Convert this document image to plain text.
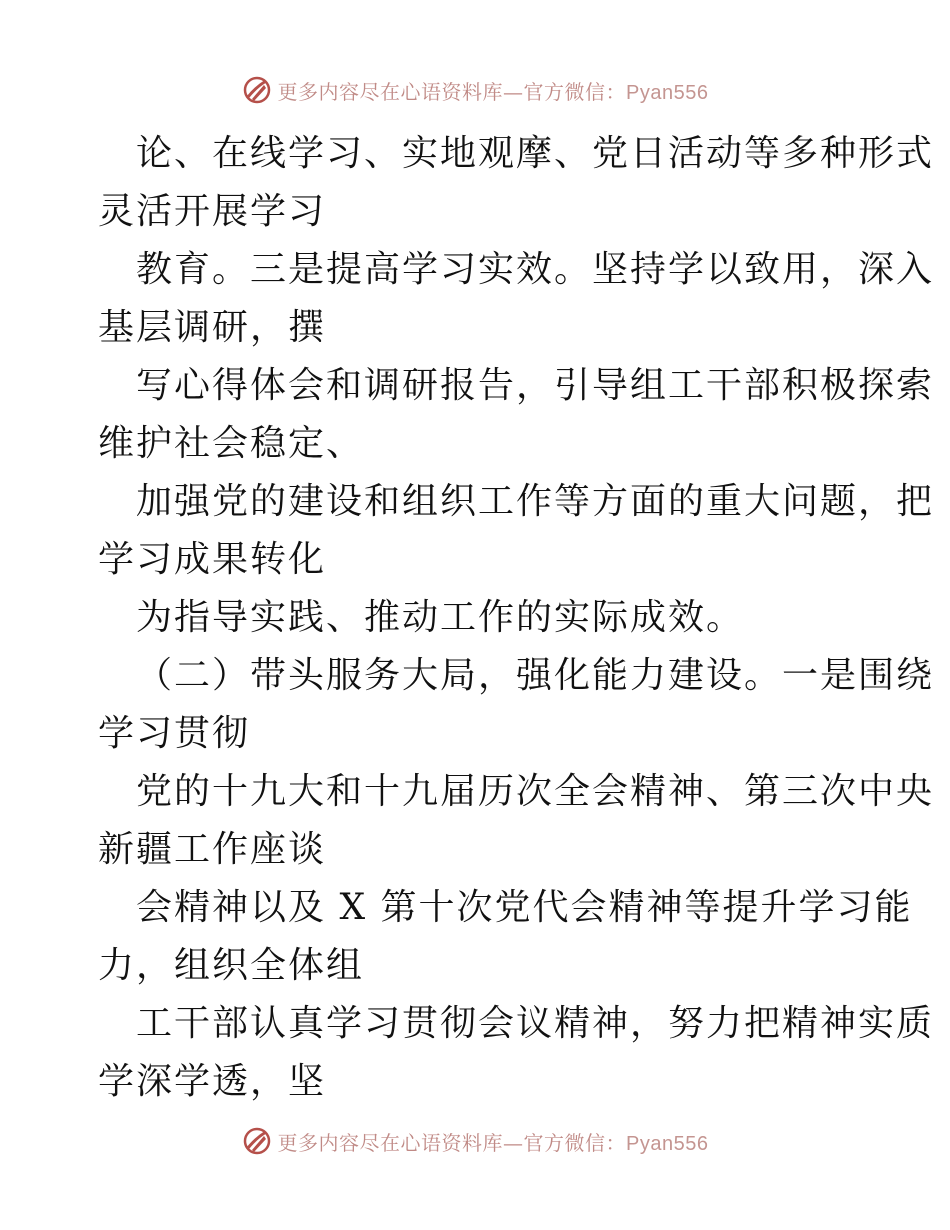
更多内容尽在心语资料库—官方微信：Pyan556
论、在线学习、实地观摩、党日活动等多种形式
灵活开展学习
教育。三是提高学习实效。坚持学以致用，深入
基层调研，撰
写心得体会和调研报告，引导组工干部积极探索
维护社会稳定、
加强党的建设和组织工作等方面的重大问题，把
学习成果转化
为指导实践、推动工作的实际成效。
（二）带头服务大局，强化能力建设。一是围绕
学习贯彻
党的十九大和十九届历次全会精神、第三次中央
新疆工作座谈
会精神以及 X 第十次党代会精神等提升学习能
力，组织全体组
工干部认真学习贯彻会议精神，努力把精神实质
学深学透，坚
更多内容尽在心语资料库—官方微信：Pyan556
